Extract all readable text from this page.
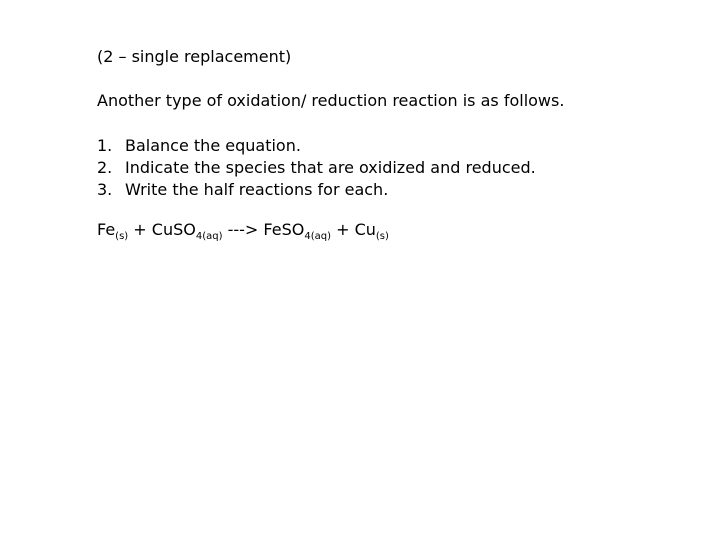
(2 – single replacement)
Another type of oxidation/ reduction reaction is as follows.
1. Balance the equation.
2. Indicate the species that are oxidized and reduced.
3. Write the half reactions for each.
$Fe_{(s)}$ + CuSO$_{4(aq)}$ ---> FeSO$_{4(aq)}$ + $Cu_{(s)}$
